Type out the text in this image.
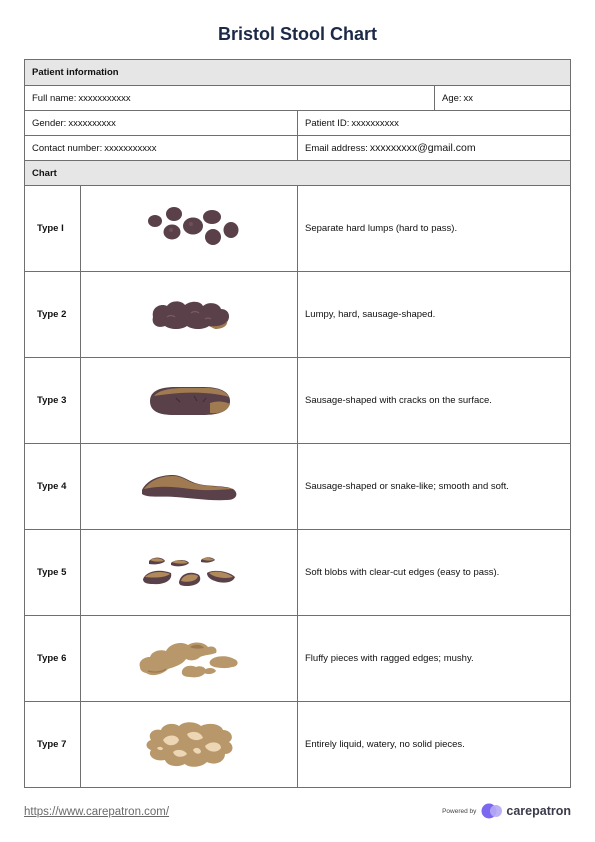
Bristol Stool Chart
Patient information
Full name: xxxxxxxxxxx	Age: xx
Gender: xxxxxxxxxx	Patient ID: xxxxxxxxxx
Contact number: xxxxxxxxxxx	Email address: xxxxxxxxx@gmail.com
Chart
Type I	Separate hard lumps (hard to pass).
Type 2	Lumpy, hard, sausage-shaped.
Type 3	Sausage-shaped with cracks on the surface.
Type 4	Sausage-shaped or snake-like; smooth and soft.
Type 5	Soft blobs with clear-cut edges (easy to pass).
Type 6	Fluffy pieces with ragged edges; mushy.
Type 7	Entirely liquid, watery, no solid pieces.
https://www.carepatron.com/	Powered by carepatron
